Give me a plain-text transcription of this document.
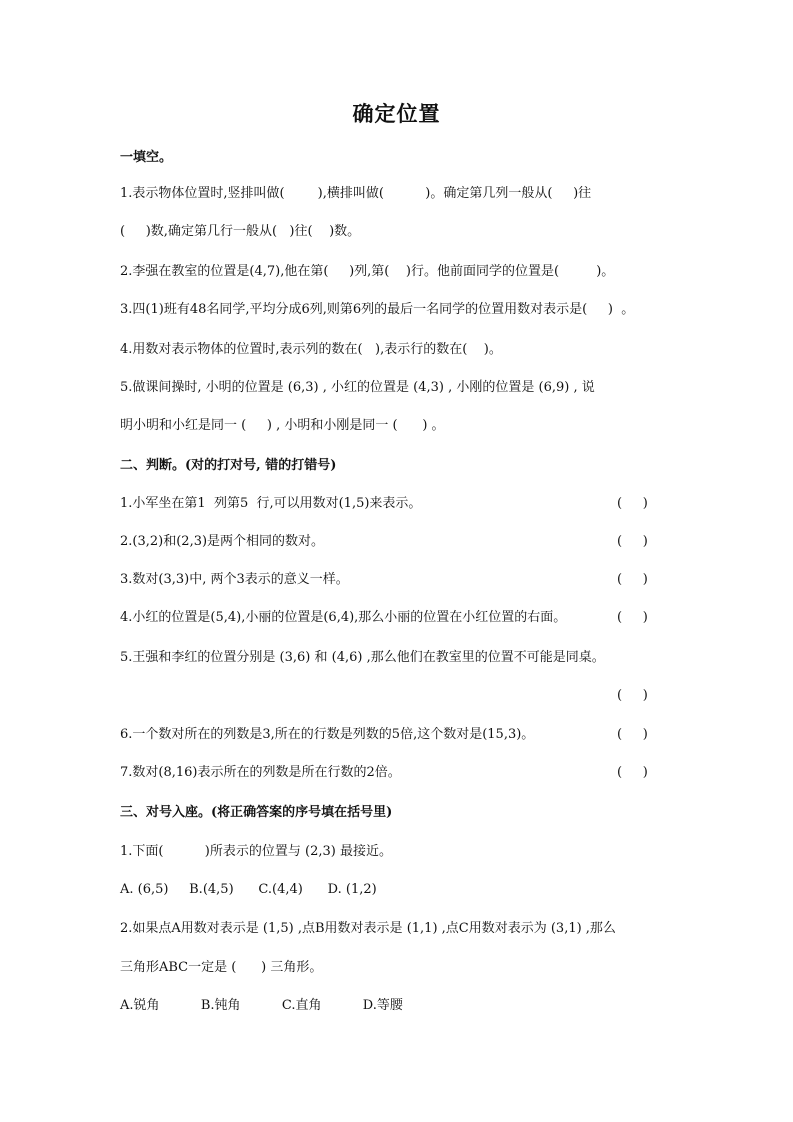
确定位置
一填空。
1.表示物体位置时,竖排叫做(        ),横排叫做(          )。确定第几列一般从(     )往
(     )数,确定第几行一般从(   )往(    )数。
2.李强在教室的位置是(4,7),他在第(     )列,第(    )行。他前面同学的位置是(         )。
3.四(1)班有48名同学,平均分成6列,则第6列的最后一名同学的位置用数对表示是(     )  。
4.用数对表示物体的位置时,表示列的数在(   ),表示行的数在(    )。
5.做课间操时, 小明的位置是 (6,3) , 小红的位置是 (4,3) , 小刚的位置是 (6,9) , 说
明小明和小红是同一 (     ) , 小明和小刚是同一 (      ) 。
二、判断。(对的打对号, 错的打错号)
1.小军坐在第1  列第5  行,可以用数对(1,5)来表示。	(     )
2.(3,2)和(2,3)是两个相同的数对。	(     )
3.数对(3,3)中, 两个3表示的意义一样。	(     )
4.小红的位置是(5,4),小丽的位置是(6,4),那么小丽的位置在小红位置的右面。	(     )
5.王强和李红的位置分别是 (3,6) 和 (4,6) ,那么他们在教室里的位置不可能是同桌。
(     )
6.一个数对所在的列数是3,所在的行数是列数的5倍,这个数对是(15,3)。	(     )
7.数对(8,16)表示所在的列数是所在行数的2倍。	(     )
三、对号入座。(将正确答案的序号填在括号里)
1.下面(          )所表示的位置与 (2,3) 最接近。
A. (6,5)     B.(4,5)      C.(4,4)      D. (1,2)
2.如果点A用数对表示是 (1,5) ,点B用数对表示是 (1,1) ,点C用数对表示为 (3,1) ,那么
三角形ABC一定是 (      ) 三角形。
A.锐角          B.钝角          C.直角          D.等腰
